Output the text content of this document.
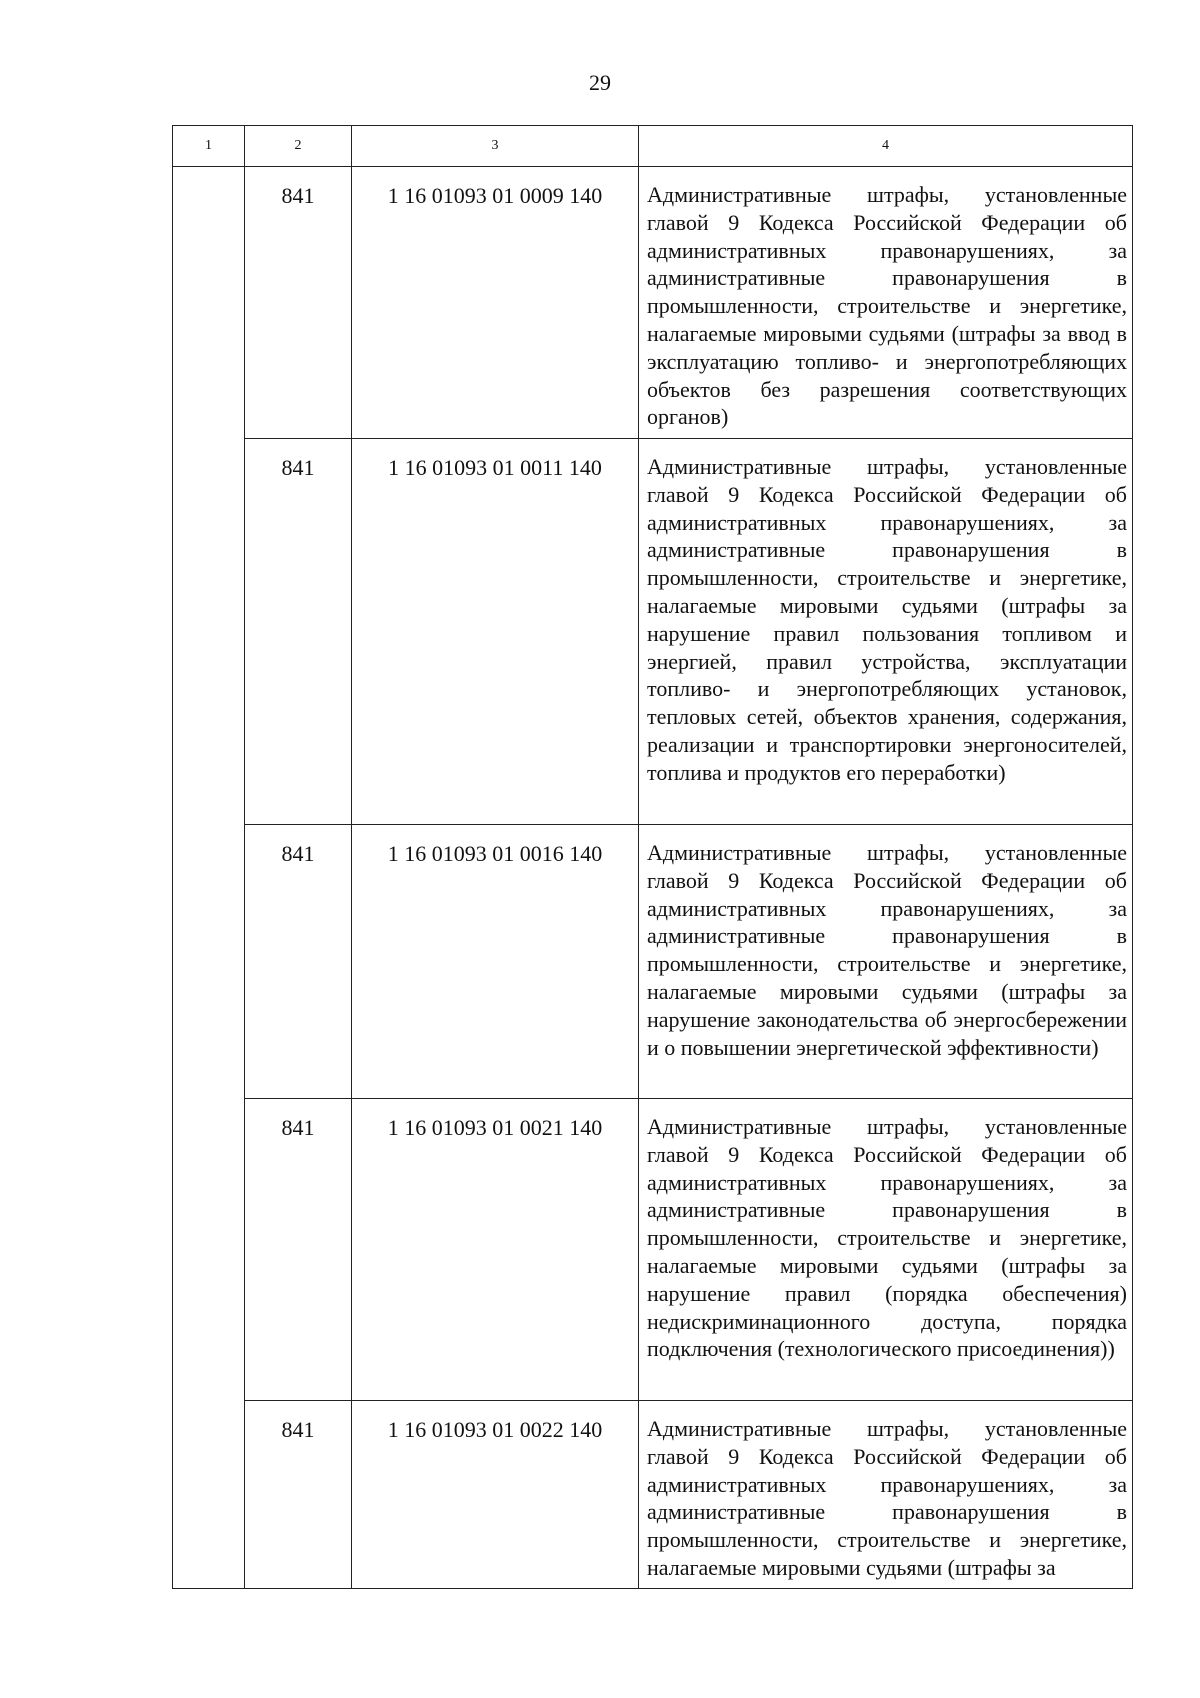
29
1	2	3	4
	841	1 16 01093 01 0009 140	Административные штрафы, установленные главой 9 Кодекса Российской Федерации об административных правонарушениях, за административные правонарушения в промышленности, строительстве и энергетике, налагаемые мировыми судьями (штрафы за ввод в эксплуатацию топливо- и энергопотребляющих объектов без разрешения соответствующих органов)

	841	1 16 01093 01 0011 140	Административные штрафы, установленные главой 9 Кодекса Российской Федерации об административных правонарушениях, за административные правонарушения в промышленности, строительстве и энергетике, налагаемые мировыми судьями (штрафы за нарушение правил пользования топливом и энергией, правил устройства, эксплуатации топливо- и энергопотребляющих установок, тепловых сетей, объектов хранения, содержания, реализации и транспортировки энергоносителей, топлива и продуктов его переработки)

	841	1 16 01093 01 0016 140	Административные штрафы, установленные главой 9 Кодекса Российской Федерации об административных правонарушениях, за административные правонарушения в промышленности, строительстве и энергетике, налагаемые мировыми судьями (штрафы за нарушение законодательства об энергосбережении и о повышении энергетической эффективности)

	841	1 16 01093 01 0021 140	Административные штрафы, установленные главой 9 Кодекса Российской Федерации об административных правонарушениях, за административные правонарушения в промышленности, строительстве и энергетике, налагаемые мировыми судьями (штрафы за нарушение правил (порядка обеспечения) недискриминационного доступа, порядка подключения (технологического присоединения))

	841	1 16 01093 01 0022 140	Административные штрафы, установленные главой 9 Кодекса Российской Федерации об административных правонарушениях, за административные правонарушения в промышленности, строительстве и энергетике, налагаемые мировыми судьями (штрафы за
